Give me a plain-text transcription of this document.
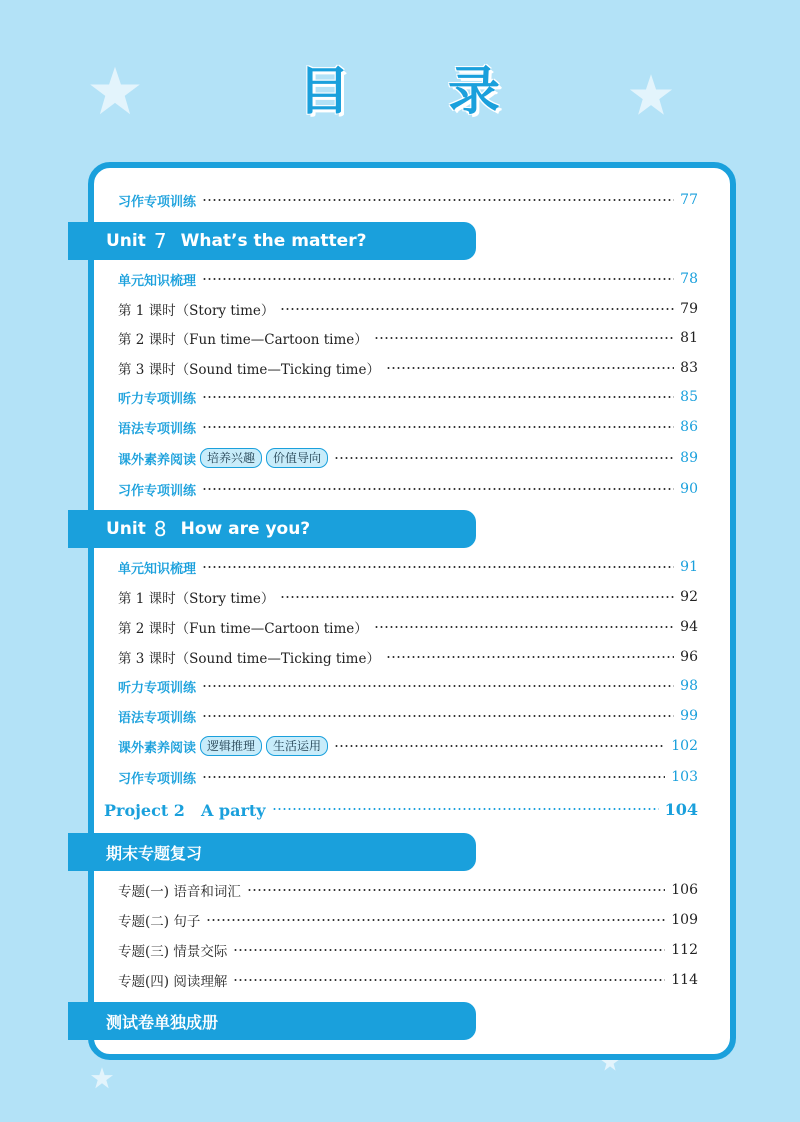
目 录
习作专项训练	77
Unit 7 What’s the matter?
单元知识梳理	78
第 1 课时（Story time）	79
第 2 课时（Fun time—Cartoon time）	81
第 3 课时（Sound time—Ticking time）	83
听力专项训练	85
语法专项训练	86
课外素养阅读 培养兴趣	价值导向	89
习作专项训练	90
Unit 8 How are you?
单元知识梳理	91
第 1 课时（Story time）	92
第 2 课时（Fun time—Cartoon time）	94
第 3 课时（Sound time—Ticking time）	96
听力专项训练	98
语法专项训练	99
课外素养阅读 逻辑推理	生活运用	102
习作专项训练	103
Project 2　A party	104
期末专题复习
专题(一) 语音和词汇	106
专题(二) 句子	109
专题(三) 情景交际	112
专题(四) 阅读理解	114
测试卷单独成册
